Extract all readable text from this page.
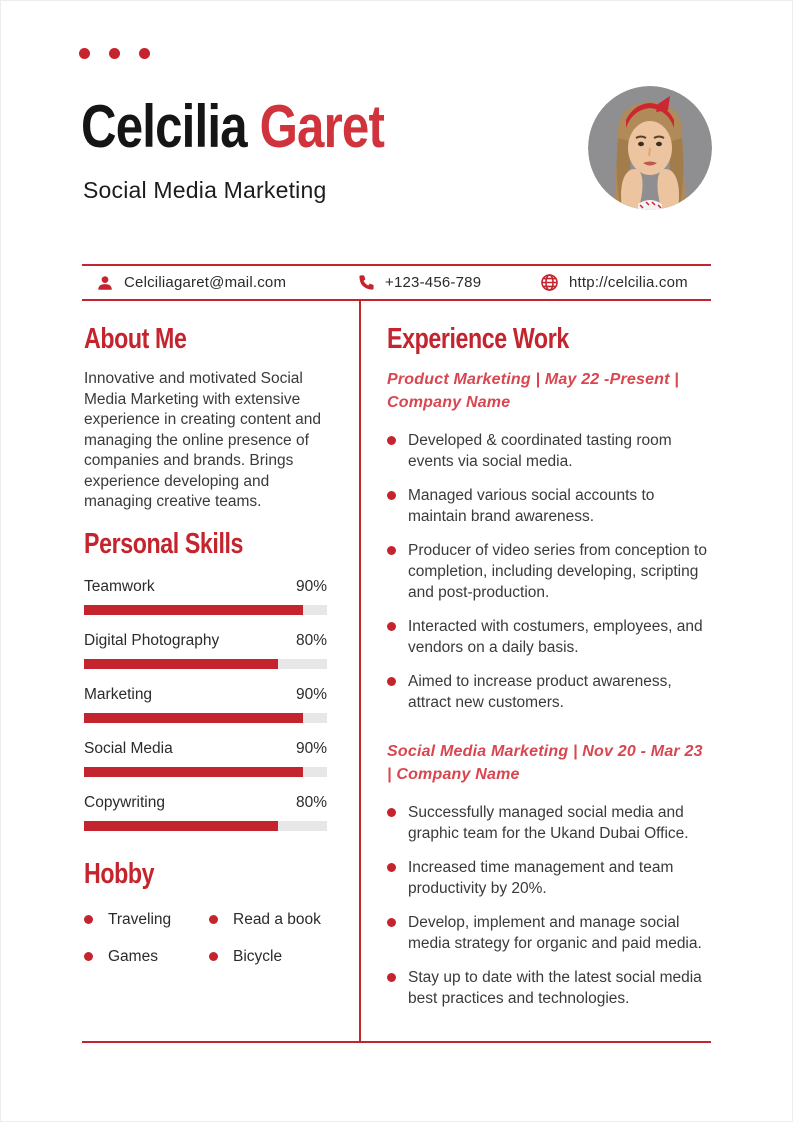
Celcilia Garet
Social Media Marketing
Celciliagaret@mail.com	+123-456-789	http://celcilia.com
About Me

Innovative and motivated Social Media Marketing with extensive experience in creating content and managing the online presence of companies and brands. Brings experience developing and managing creative teams.

Personal Skills
Teamwork	90%
Digital Photography	80%
Marketing	90%
Social Media	90%
Copywriting	80%
Hobby
Traveling	Read a book
Games	Bicycle
Experience Work
Product Marketing | May 22 -Present | Company Name
Developed & coordinated tasting room events via social media.
Managed various social accounts to maintain brand awareness.
Producer of video series from conception to completion, including developing, scripting and post-production.
Interacted with costumers, employees, and vendors on a daily basis.
Aimed to increase product awareness, attract new customers.
Social Media Marketing | Nov 20 - Mar 23 | Company Name
Successfully managed social media and graphic team for the Ukand Dubai Office.
Increased time management and team productivity by 20%.
Develop, implement and manage social media strategy for organic and paid media.
Stay up to date with the latest social media best practices and technologies.
